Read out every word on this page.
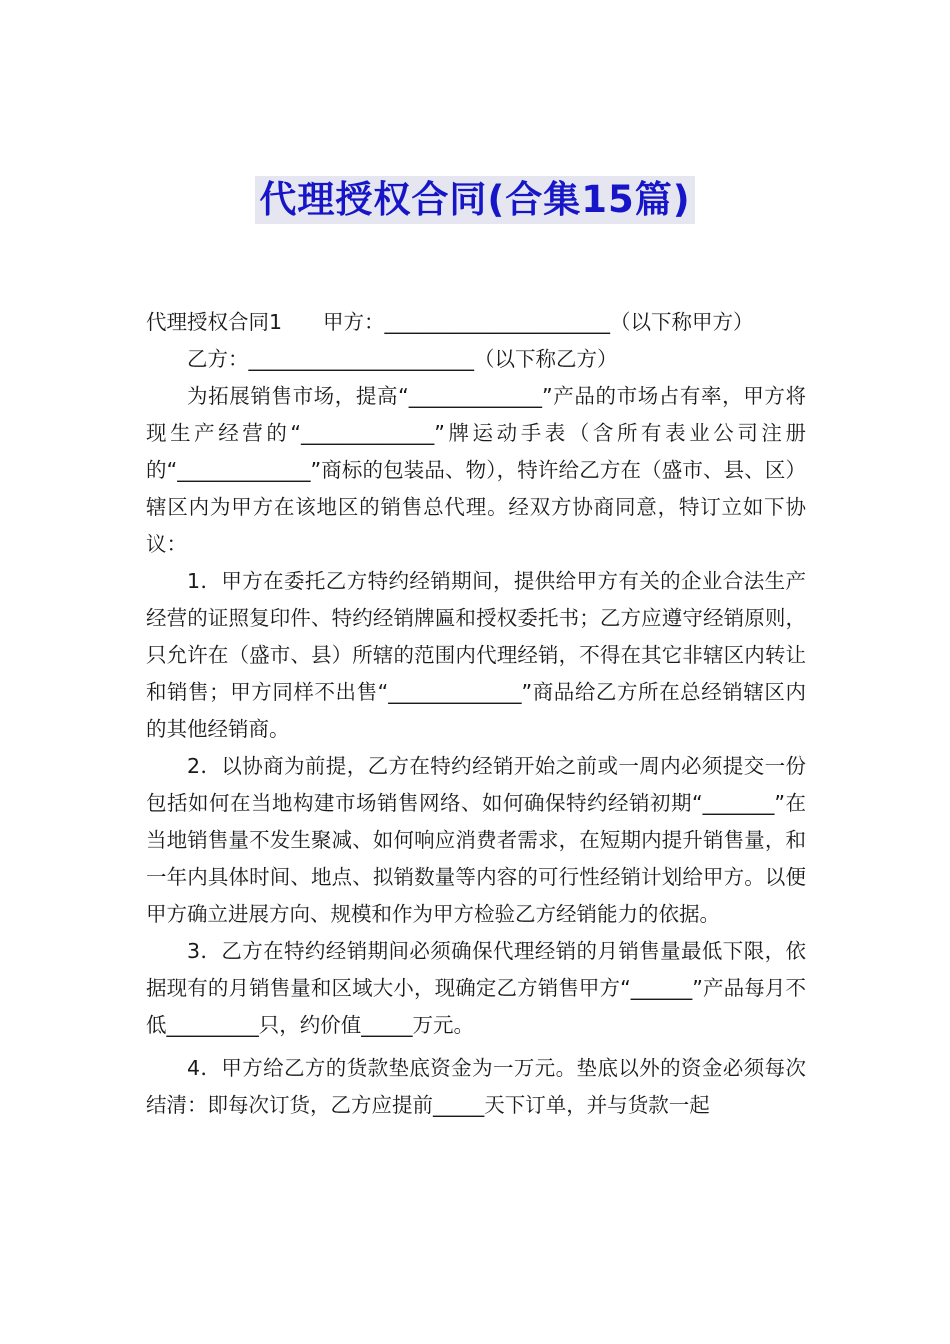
代理授权合同(合集15篇)

代理授权合同1　　甲方：______________________（以下称甲方）

乙方：______________________（以下称乙方）

为拓展销售市场，提高“_____________”产品的市场占有率，甲方将现生产经营的“_____________”牌运动手表（含所有表业公司注册的“_____________”商标的包装品、物），特许给乙方在（盛市、县、区）辖区内为甲方在该地区的销售总代理。经双方协商同意，特订立如下协议：

1．甲方在委托乙方特约经销期间，提供给甲方有关的企业合法生产经营的证照复印件、特约经销牌匾和授权委托书；乙方应遵守经销原则，只允许在（盛市、县）所辖的范围内代理经销，不得在其它非辖区内转让和销售；甲方同样不出售“_____________”商品给乙方所在总经销辖区内的其他经销商。

2．以协商为前提，乙方在特约经销开始之前或一周内必须提交一份包括如何在当地构建市场销售网络、如何确保特约经销初期“_______”在当地销售量不发生聚减、如何响应消费者需求，在短期内提升销售量，和一年内具体时间、地点、拟销数量等内容的可行性经销计划给甲方。以便甲方确立进展方向、规模和作为甲方检验乙方经销能力的依据。

3．乙方在特约经销期间必须确保代理经销的月销售量最低下限，依据现有的月销售量和区域大小，现确定乙方销售甲方“______”产品每月不低_________只，约价值_____万元。

4．甲方给乙方的货款垫底资金为一万元。垫底以外的资金必须每次结清：即每次订货，乙方应提前_____天下订单，并与货款一起
